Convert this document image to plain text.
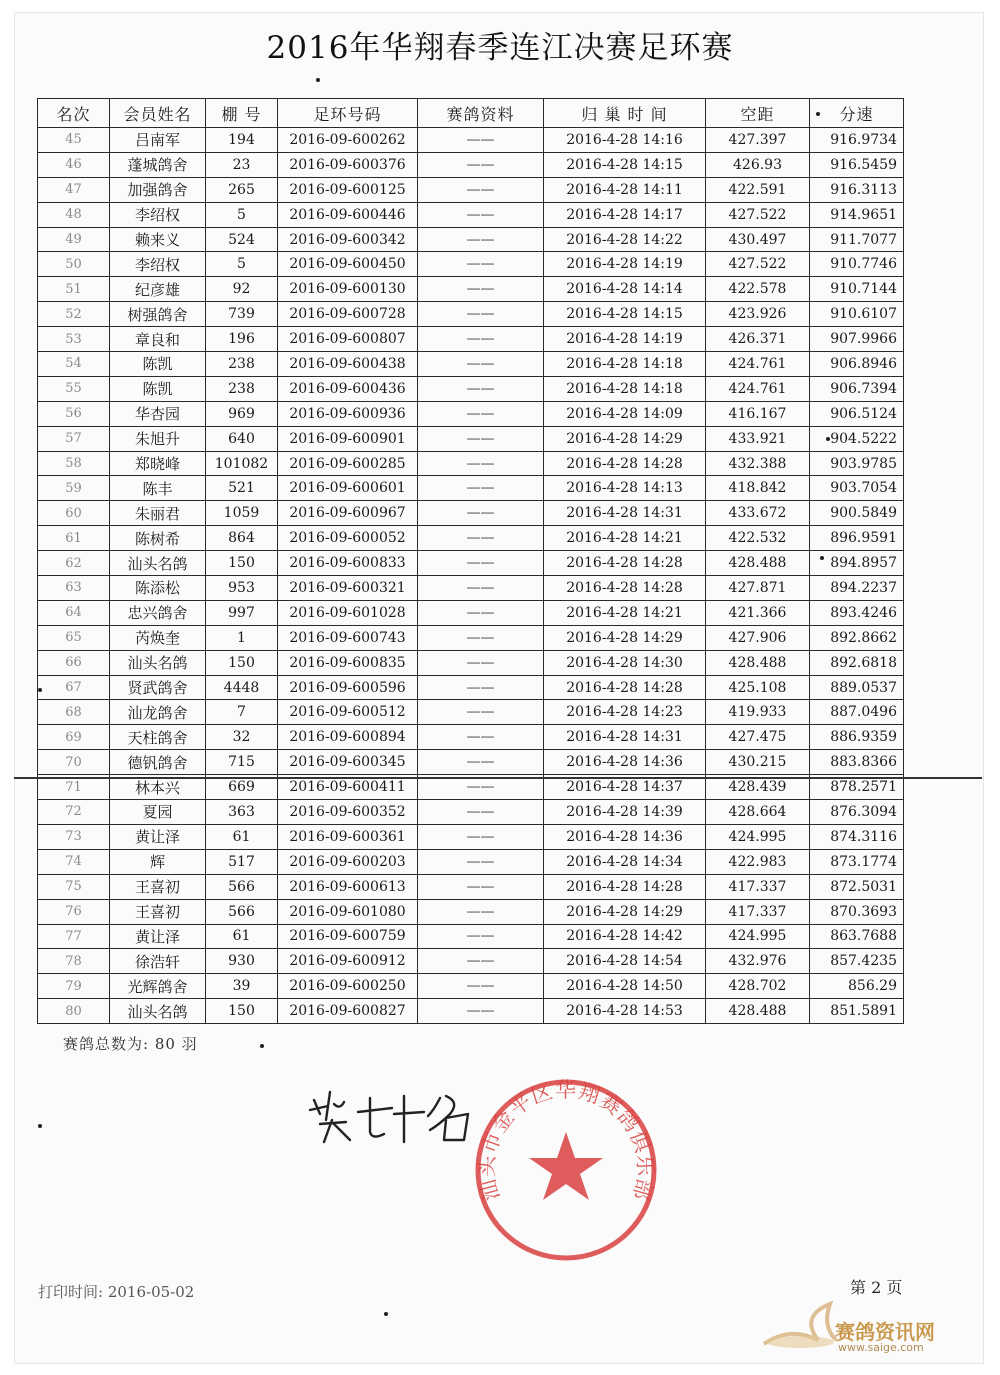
2016年华翔春季连江决赛足环赛
名次	会员姓名	棚 号	足环号码	赛鸽资料	归 巢 时 间	空距	分速
45	吕南军	194	2016-09-600262	——	2016-4-28 14:16	427.397	916.9734
46	蓬城鸽舍	23	2016-09-600376	——	2016-4-28 14:15	426.93	916.5459
47	加强鸽舍	265	2016-09-600125	——	2016-4-28 14:11	422.591	916.3113
48	李绍权	5	2016-09-600446	——	2016-4-28 14:17	427.522	914.9651
49	赖来义	524	2016-09-600342	——	2016-4-28 14:22	430.497	911.7077
50	李绍权	5	2016-09-600450	——	2016-4-28 14:19	427.522	910.7746
51	纪彦雄	92	2016-09-600130	——	2016-4-28 14:14	422.578	910.7144
52	树强鸽舍	739	2016-09-600728	——	2016-4-28 14:15	423.926	910.6107
53	章良和	196	2016-09-600807	——	2016-4-28 14:19	426.371	907.9966
54	陈凯	238	2016-09-600438	——	2016-4-28 14:18	424.761	906.8946
55	陈凯	238	2016-09-600436	——	2016-4-28 14:18	424.761	906.7394
56	华杏园	969	2016-09-600936	——	2016-4-28 14:09	416.167	906.5124
57	朱旭升	640	2016-09-600901	——	2016-4-28 14:29	433.921	904.5222
58	郑晓峰	101082	2016-09-600285	——	2016-4-28 14:28	432.388	903.9785
59	陈丰	521	2016-09-600601	——	2016-4-28 14:13	418.842	903.7054
60	朱丽君	1059	2016-09-600967	——	2016-4-28 14:31	433.672	900.5849
61	陈树希	864	2016-09-600052	——	2016-4-28 14:21	422.532	896.9591
62	汕头名鸽	150	2016-09-600833	——	2016-4-28 14:28	428.488	894.8957
63	陈添松	953	2016-09-600321	——	2016-4-28 14:28	427.871	894.2237
64	忠兴鸽舍	997	2016-09-601028	——	2016-4-28 14:21	421.366	893.4246
65	芮焕奎	1	2016-09-600743	——	2016-4-28 14:29	427.906	892.8662
66	汕头名鸽	150	2016-09-600835	——	2016-4-28 14:30	428.488	892.6818
67	贤武鸽舍	4448	2016-09-600596	——	2016-4-28 14:28	425.108	889.0537
68	汕龙鸽舍	7	2016-09-600512	——	2016-4-28 14:23	419.933	887.0496
69	天柱鸽舍	32	2016-09-600894	——	2016-4-28 14:31	427.475	886.9359
70	德钒鸽舍	715	2016-09-600345	——	2016-4-28 14:36	430.215	883.8366
71	林本兴	669	2016-09-600411	——	2016-4-28 14:37	428.439	878.2571
72	夏园	363	2016-09-600352	——	2016-4-28 14:39	428.664	876.3094
73	黄让泽	61	2016-09-600361	——	2016-4-28 14:36	424.995	874.3116
74	辉	517	2016-09-600203	——	2016-4-28 14:34	422.983	873.1774
75	王喜初	566	2016-09-600613	——	2016-4-28 14:28	417.337	872.5031
76	王喜初	566	2016-09-601080	——	2016-4-28 14:29	417.337	870.3693
77	黄让泽	61	2016-09-600759	——	2016-4-28 14:42	424.995	863.7688
78	徐浩轩	930	2016-09-600912	——	2016-4-28 14:54	432.976	857.4235
79	光辉鸽舍	39	2016-09-600250	——	2016-4-28 14:50	428.702	856.29
80	汕头名鸽	150	2016-09-600827	——	2016-4-28 14:53	428.488	851.5891
赛鸽总数为: 80 羽
汕头市金平区华翔赛鸽俱乐部
打印时间: 2016-05-02	第 2 页
赛鸽资讯网
www.saige.com
